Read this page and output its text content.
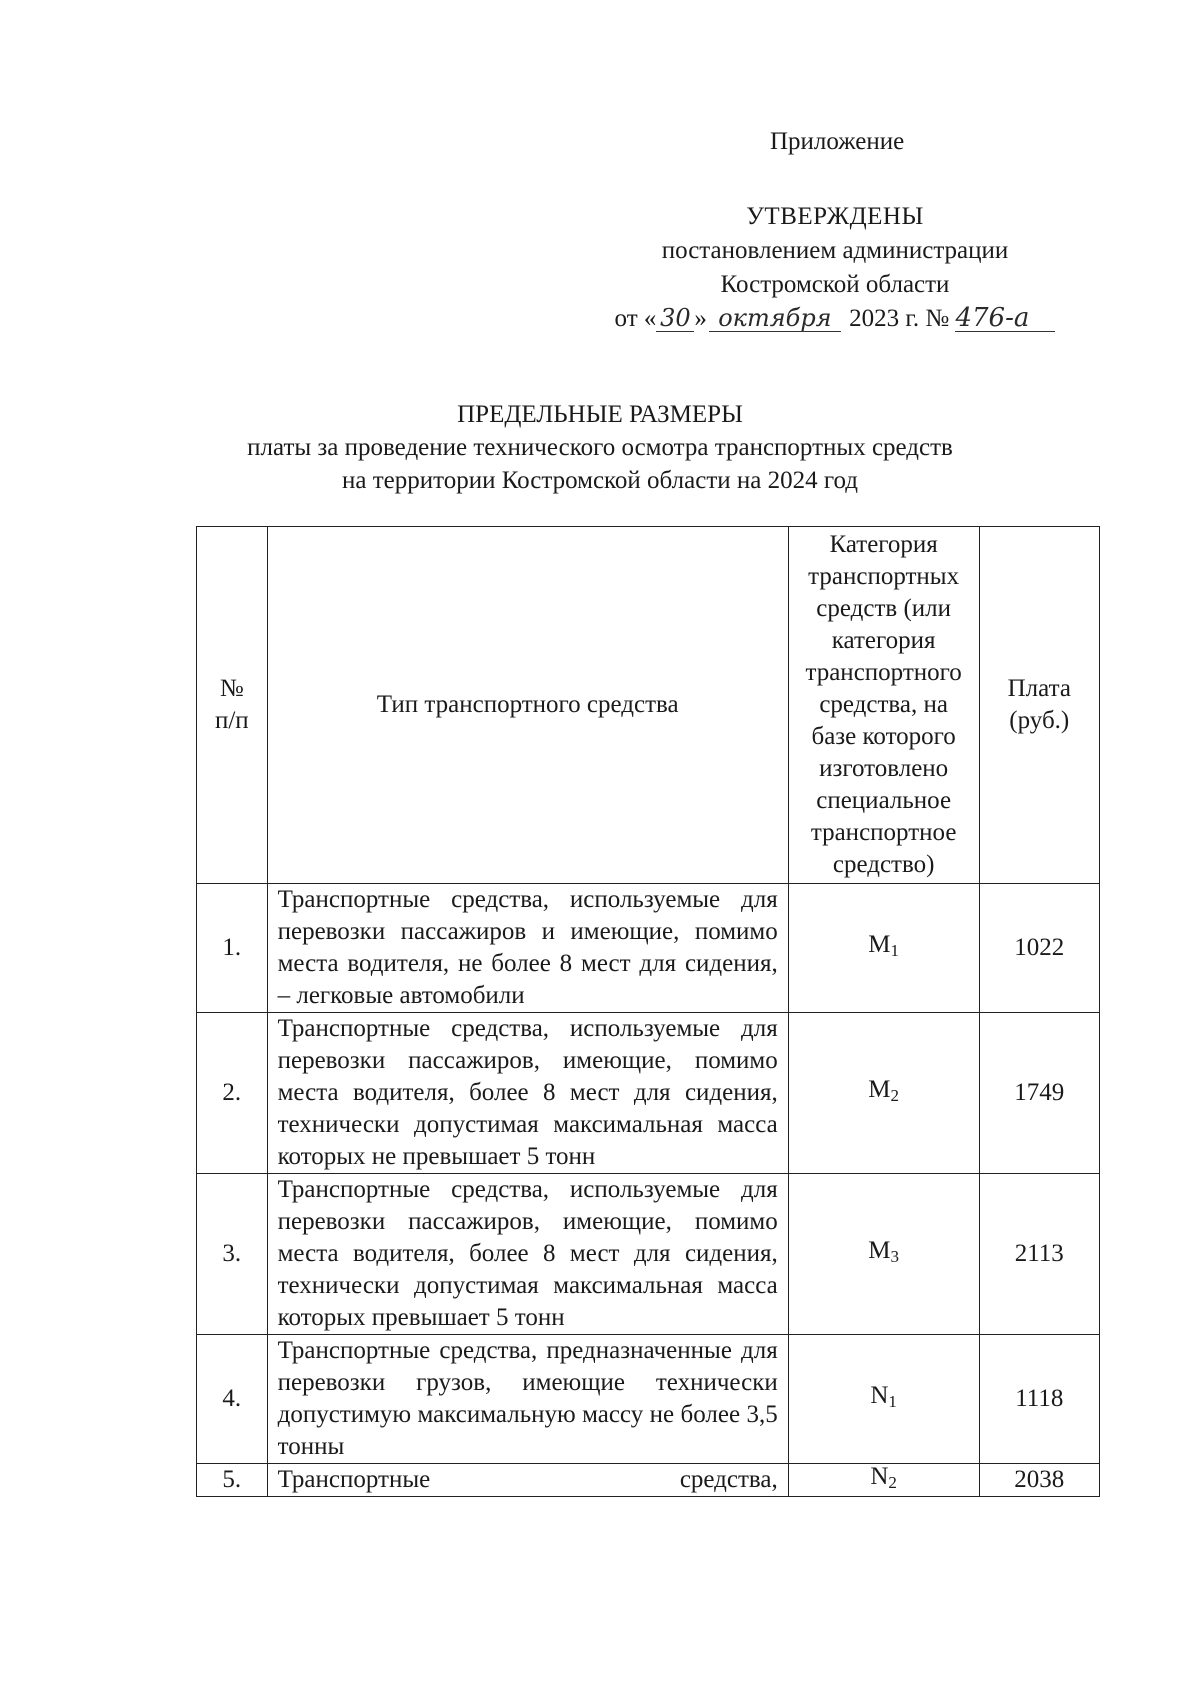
Приложение
УТВЕРЖДЕНЫ
постановлением администрации
Костромской области
от « 30 » октября 2023 г. № 476-а
ПРЕДЕЛЬНЫЕ РАЗМЕРЫ
платы за проведение технического осмотра транспортных средств
на территории Костромской области на 2024 год
№ п/п	Тип транспортного средства	Категория транспортных средств (или категория транспортного средства, на базе которого изготовлено специальное транспортное средство)	Плата (руб.)
1.	Транспортные средства, используемые для перевозки пассажиров и имеющие, помимо места водителя, не более 8 мест для сидения, – легковые автомобили	$M_1$	1022
2.	Транспортные средства, используемые для перевозки пассажиров, имеющие, помимо места водителя, более 8 мест для сидения, технически допустимая максимальная масса которых не превышает 5 тонн	$M_2$	1749
3.	Транспортные средства, используемые для перевозки пассажиров, имеющие, помимо места водителя, более 8 мест для сидения, технически допустимая максимальная масса которых превышает 5 тонн	$M_3$	2113
4.	Транспортные средства, предназначенные для перевозки грузов, имеющие технически допустимую максимальную массу не более 3,5 тонны	$N_1$	1118
5.	Транспортные средства,	$N_2$	2038
